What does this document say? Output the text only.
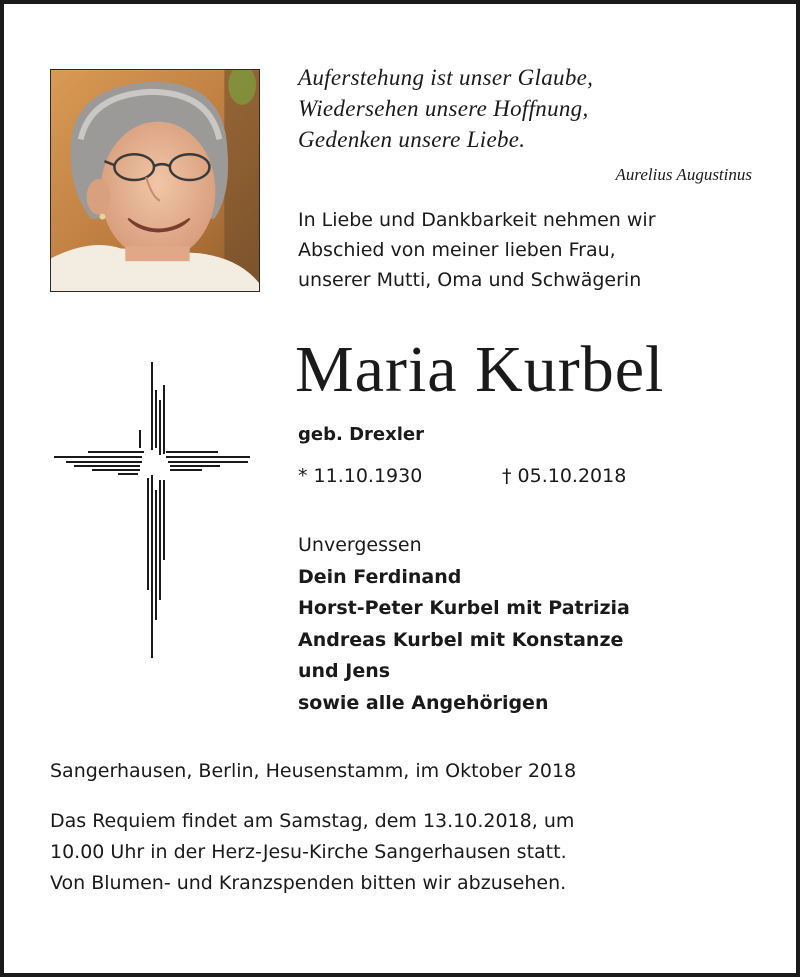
Auferstehung ist unser Glaube,
Wiedersehen unsere Hoffnung,
Gedenken unsere Liebe.
Aurelius Augustinus
In Liebe und Dankbarkeit nehmen wir
Abschied von meiner lieben Frau,
unserer Mutti, Oma und Schwägerin
Maria Kurbel
geb. Drexler
* 11.10.1930	† 05.10.2018
Unvergessen
Dein Ferdinand
Horst-Peter Kurbel mit Patrizia
Andreas Kurbel mit Konstanze
und Jens
sowie alle Angehörigen
Sangerhausen, Berlin, Heusenstamm, im Oktober 2018
Das Requiem findet am Samstag, dem 13.10.2018, um
10.00 Uhr in der Herz-Jesu-Kirche Sangerhausen statt.
Von Blumen- und Kranzspenden bitten wir abzusehen.
